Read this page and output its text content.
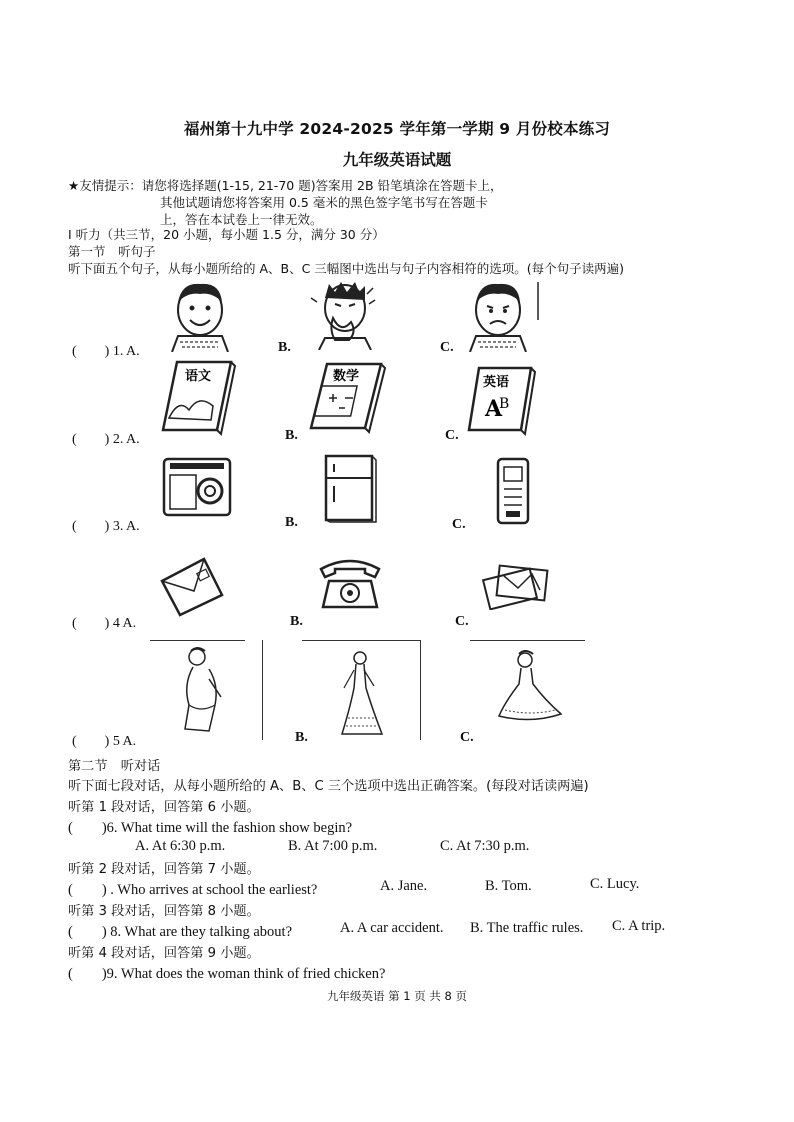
福州第十九中学 2024-2025 学年第一学期 9 月份校本练习
九年级英语试题
★友情提示：请您将选择题(1-15, 21-70 题)答案用 2B 铅笔填涂在答题卡上，
其他试题请您将答案用 0.5 毫米的黑色签字笔书写在答题卡
上，答在本试卷上一律无效。
Ⅰ 听力（共三节，20 小题，每小题 1.5 分，满分 30 分）
第一节　听句子
听下面五个句子，从每小题所给的 A、B、C 三幅图中选出与句子内容相符的选项。(每个句子读两遍)
(　　) 1. A.	B.	C.
(　　) 2. A.
语文
B.
数学
C.
英语
A
B
(　　) 3. A.	B.	C.
(　　) 4 A.	B.	C.
(　　) 5 A.	B.	C.
第二节　听对话
听下面七段对话，从每小题所给的 A、B、C 三个选项中选出正确答案。(每段对话读两遍)
听第 1 段对话，回答第 6 小题。
(　　)6. What time will the fashion show begin?
A. At 6:30 p.m.	B. At 7:00 p.m.	C. At 7:30 p.m.
听第 2 段对话，回答第 7 小题。
(　　) . Who arrives at school the earliest?	A. Jane.	B. Tom.	C. Lucy.
听第 3 段对话，回答第 8 小题。
(　　) 8. What are they talking about?	A. A car accident. B. The traffic rules. C. A trip.
听第 4 段对话，回答第 9 小题。
(　　)9. What does the woman think of fried chicken?
九年级英语 第 1 页 共 8 页
